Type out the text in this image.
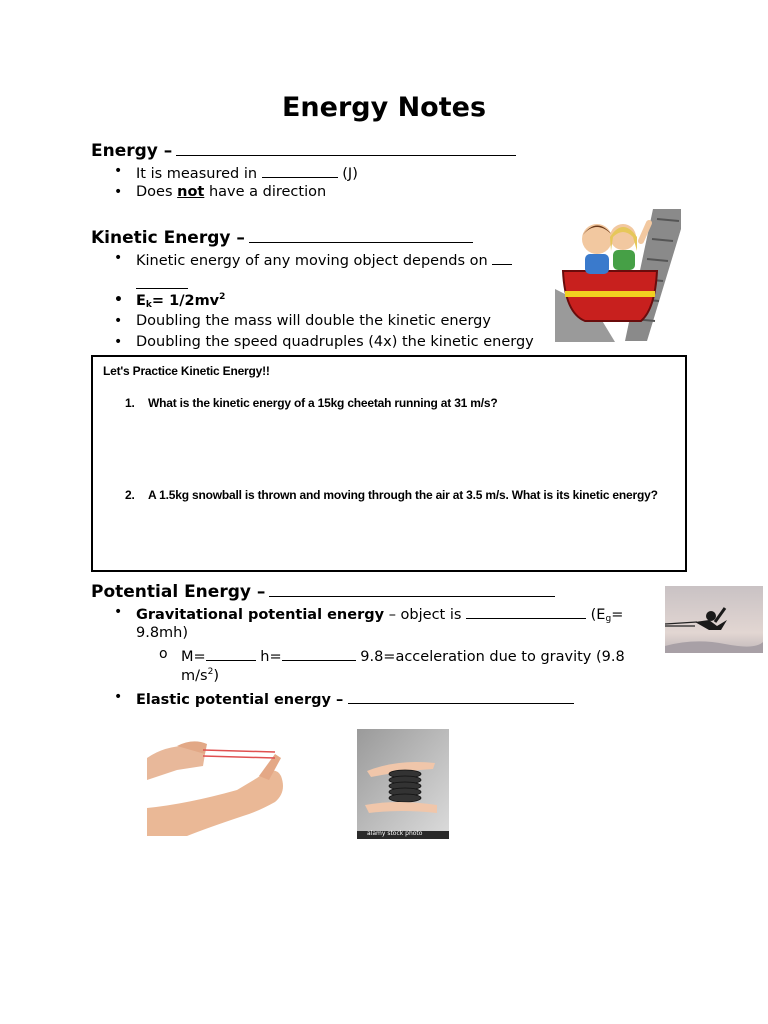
Energy Notes
Energy –
• It is measured in	(J)
• Does not have a direction
Kinetic Energy –
• Kinetic energy of any moving object depends on
• $E_k= 1/2mv^2$
• Doubling the mass will double the kinetic energy
Doubling the speed quadruples (4x) the kinetic energy
•
Let's Practice Kinetic Energy!!
1. What is the kinetic energy of a 15kg cheetah running at 31 m/s?
2. A 1.5kg snowball is thrown and moving through the air at 3.5 m/s. What is its kinetic energy?
Potential Energy –
• Gravitational potential energy – object is	($E_g=$
9.8mh)
o M=	h=	9.8=acceleration due to gravity (9.8
$m/s^2$)
• Elastic potential energy –
alamy stock photo
